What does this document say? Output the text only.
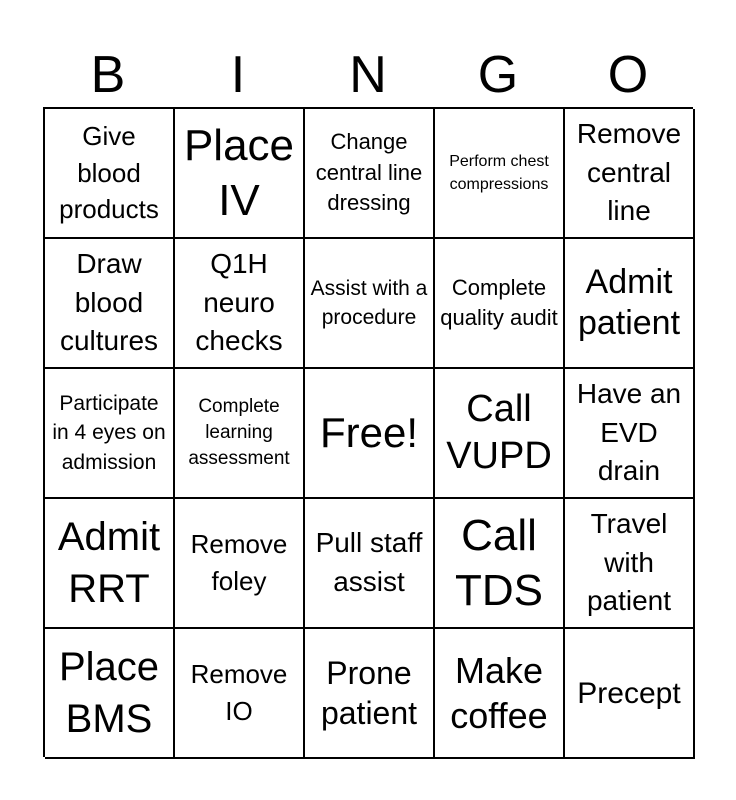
B	I	N	G	O
Give blood products
Place IV
Change central line dressing
Perform chest compressions
Remove central line
Draw blood cultures
Q1H neuro checks
Assist with a procedure
Complete quality audit
Admit patient
Participate in 4 eyes on admission
Complete learning assessment
Free!
Call VUPD
Have an EVD drain
Admit RRT
Remove foley
Pull staff assist
Call TDS
Travel with patient
Place BMS
Remove IO
Prone patient
Make coffee
Precept
